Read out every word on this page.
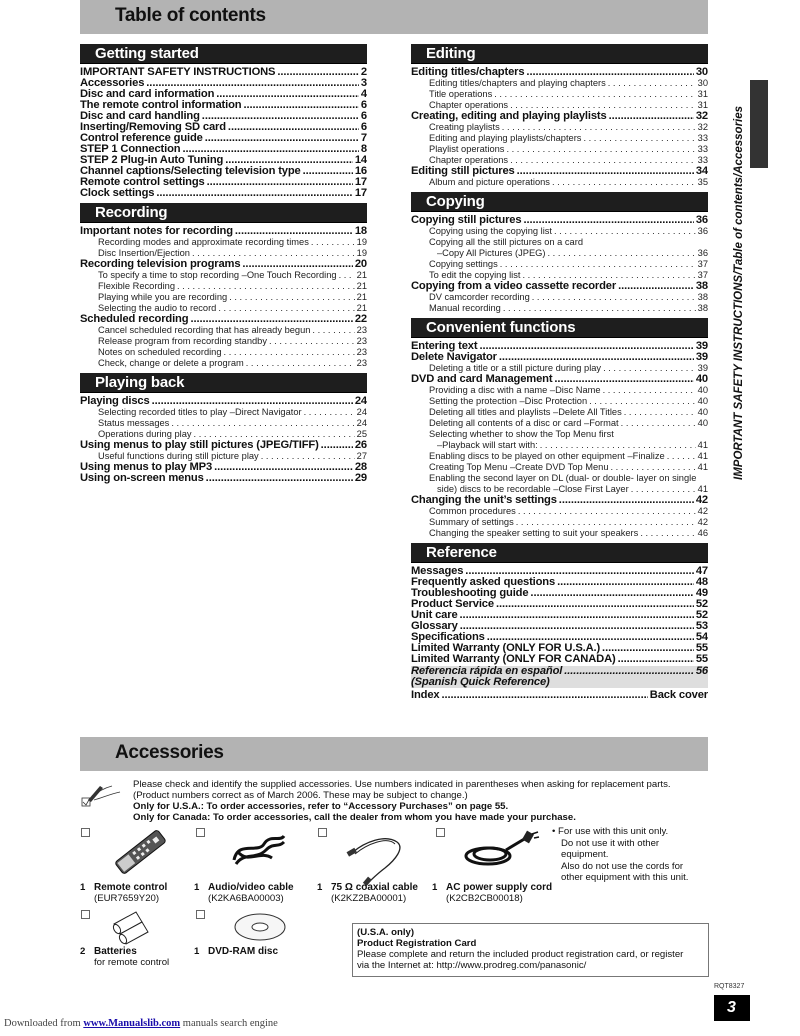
Table of contents
Getting started
IMPORTANT SAFETY INSTRUCTIONS . . .	2
Accessories . . .	3
Disc and card information . . .	4
The remote control information . . .	6
Disc and card handling . . .	6
Inserting/Removing SD card . . .	6
Control reference guide . . .	7
STEP 1 Connection . . .	8
STEP 2 Plug-in Auto Tuning . . .	14
Channel captions/Selecting television type . . .	16
Remote control settings . . .	17
Clock settings . . .	17
Recording
Important notes for recording . . .	18
Recording modes and approximate recording times . . .	19
Disc Insertion/Ejection . . .	19
Recording television programs . . .	20
To specify a time to stop recording –One Touch Recording . . . 21
Flexible Recording . . .	21
Playing while you are recording . . .	21
Selecting the audio to record . . .	21
Scheduled recording . . .	22
Cancel scheduled recording that has already begun . . .	23
Release program from recording standby . . .	23
Notes on scheduled recording . . .	23
Check, change or delete a program . . .	23
Playing back
Playing discs . . .	24
Selecting recorded titles to play –Direct Navigator . . .	24
Status messages . . .	24
Operations during play . . .	25
Using menus to play still pictures (JPEG/TIFF) . . .	26
Useful functions during still picture play . . .	27
Using menus to play MP3 . . .	28
Using on-screen menus . . .	29
Editing
Editing titles/chapters . . .	30
Editing titles/chapters and playing chapters . . .	30
Title operations . . .	31
Chapter operations . . .	31
Creating, editing and playing playlists . . .	32
Creating playlists . . .	32
Editing and playing playlists/chapters . . .	33
Playlist operations . . .	33
Chapter operations . . .	33
Editing still pictures . . .	34
Album and picture operations . . .	35
Copying
Copying still pictures . . .	36
Copying using the copying list . . .	36
Copying all the still pictures on a card
–Copy All Pictures (JPEG) . . .	36
Copying settings . . .	37
To edit the copying list . . .	37
Copying from a video cassette recorder . . .	38
DV camcorder recording . . .	38
Manual recording . . .	38
Convenient functions
Entering text . . .	39
Delete Navigator . . .	39
Deleting a title or a still picture during play . . .	39
DVD and card Management . . .	40
Providing a disc with a name –Disc Name . . .	40
Setting the protection –Disc Protection . . .	40
Deleting all titles and playlists –Delete All Titles . . .	40
Deleting all contents of a disc or card –Format . . .	40
Selecting whether to show the Top Menu first
–Playback will start with: . . .	41
Enabling discs to be played on other equipment –Finalize . . .	41
Creating Top Menu –Create DVD Top Menu . . .	41
Enabling the second layer on DL (dual- or double- layer on single
side) discs to be recordable –Close First Layer . . .	41
Changing the unit’s settings . . .	42
Common procedures . . .	42
Summary of settings . . .	42
Changing the speaker setting to suit your speakers . . .	46
Reference
Messages . . .	47
Frequently asked questions . . .	48
Troubleshooting guide . . .	49
Product Service . . .	52
Unit care . . .	52
Glossary . . .	53
Specifications . . .	54
Limited Warranty (ONLY FOR U.S.A.) . . .	55
Limited Warranty (ONLY FOR CANADA) . . .	55
Referencia rápida en español . . .	56
(Spanish Quick Reference)
Index . . .	Back cover
IMPORTANT SAFETY INSTRUCTIONS/Table of contents/Accessories
Accessories
Please check and identify the supplied accessories. Use numbers indicated in parentheses when asking for replacement parts.
(Product numbers correct as of March 2006. These may be subject to change.)
Only for U.S.A.: To order accessories, refer to “Accessory Purchases” on page 55.
Only for Canada: To order accessories, call the dealer from whom you have made your purchase.
1 Remote control
(EUR7659Y20)
1 Audio/video cable
(K2KA6BA00003)
1 75 Ω coaxial cable
(K2KZ2BA00001)
1 AC power supply cord
(K2CB2CB00018)
2 Batteries
for remote control
1 DVD-RAM disc
• For use with this unit only.
Do not use it with other
equipment.
Also do not use the cords for
other equipment with this unit.
(U.S.A. only)
Product Registration Card
Please complete and return the included product registration card, or register
via the Internet at: http://www.prodreg.com/panasonic/
RQT8327
3
Downloaded from www.Manualslib.com manuals search engine
